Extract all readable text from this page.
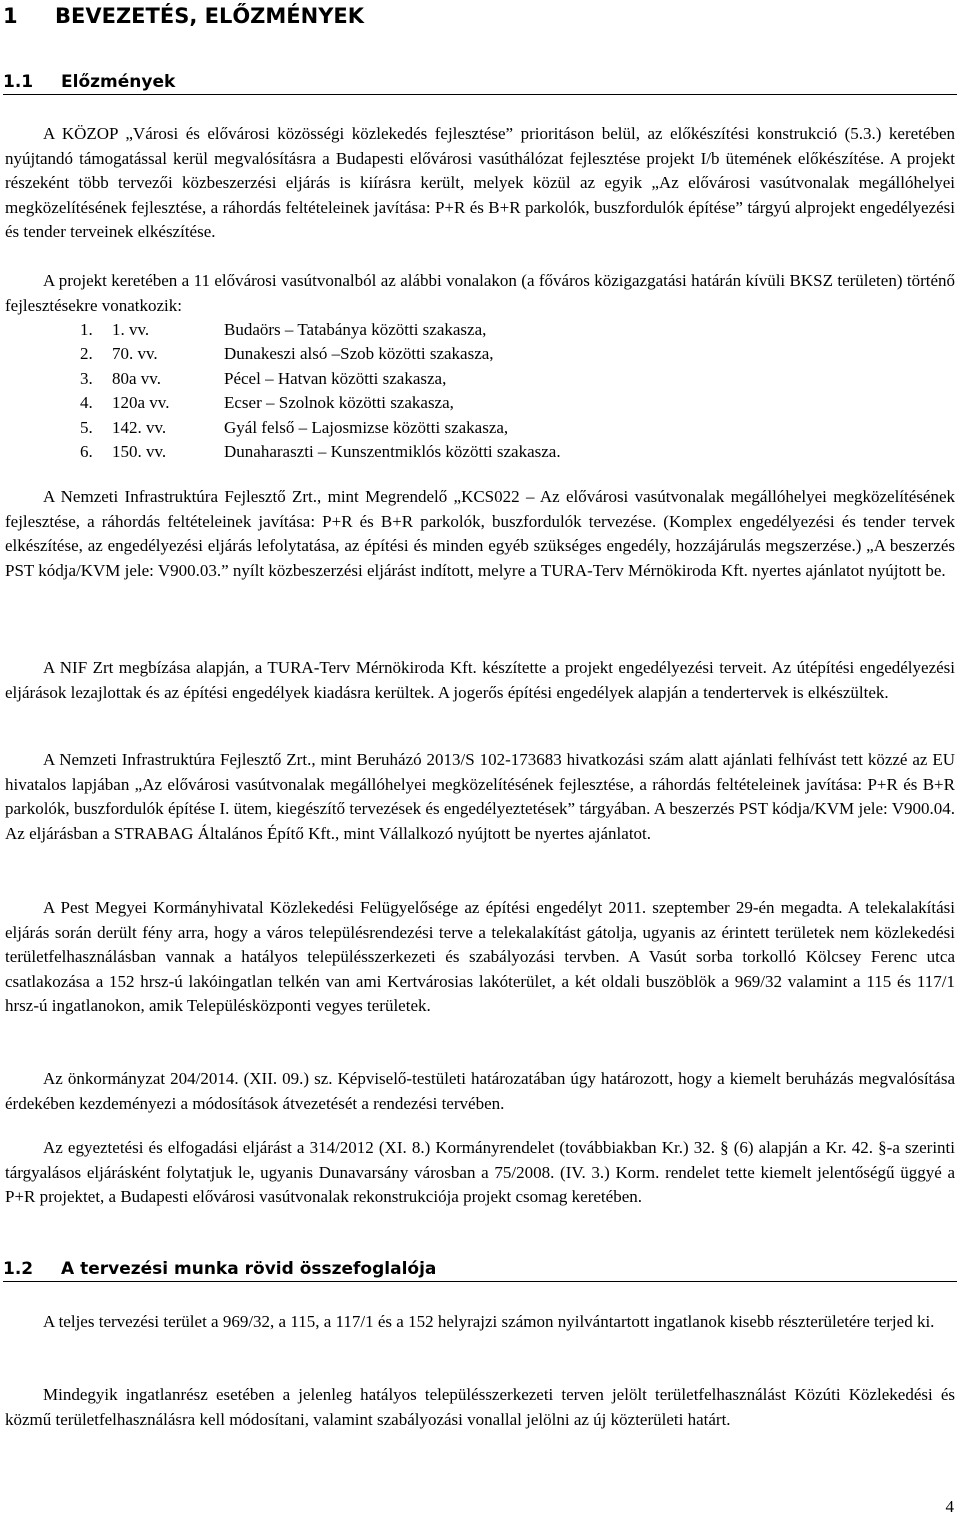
1 BEVEZETÉS, ELŐZMÉNYEK
1.1 Előzmények
A KÖZOP „Városi és elővárosi közösségi közlekedés fejlesztése” prioritáson belül, az előkészítési konstrukció (5.3.) keretében nyújtandó támogatással kerül megvalósításra a Budapesti elővárosi vasúthálózat fejlesztése projekt I/b ütemének előkészítése. A projekt részeként több tervezői közbeszerzési eljárás is kiírásra került, melyek közül az egyik „Az elővárosi vasútvonalak megállóhelyei megközelítésének fejlesztése, a ráhordás feltételeinek javítása: P+R és B+R parkolók, buszfordulók építése” tárgyú alprojekt engedélyezési és tender terveinek elkészítése.
A projekt keretében a 11 elővárosi vasútvonalból az alábbi vonalakon (a főváros közigazgatási határán kívüli BKSZ területen) történő fejlesztésekre vonatkozik:
1. 1. vv.	Budaörs – Tatabánya közötti szakasza,
2. 70. vv.	Dunakeszi alsó –Szob közötti szakasza,
3. 80a vv.	Pécel – Hatvan közötti szakasza,
4. 120a vv.	Ecser – Szolnok közötti szakasza,
5. 142. vv.	Gyál felső – Lajosmizse közötti szakasza,
6. 150. vv.	Dunaharaszti – Kunszentmiklós közötti szakasza.
A Nemzeti Infrastruktúra Fejlesztő Zrt., mint Megrendelő „KCS022 – Az elővárosi vasútvonalak megállóhelyei megközelítésének fejlesztése, a ráhordás feltételeinek javítása: P+R és B+R parkolók, buszfordulók tervezése. (Komplex engedélyezési és tender tervek elkészítése, az engedélyezési eljárás lefolytatása, az építési és minden egyéb szükséges engedély, hozzájárulás megszerzése.) „A beszerzés PST kódja/KVM jele: V900.03.” nyílt közbeszerzési eljárást indított, melyre a TURA-Terv Mérnökiroda Kft. nyertes ajánlatot nyújtott be.
A NIF Zrt megbízása alapján, a TURA-Terv Mérnökiroda Kft. készítette a projekt engedélyezési terveit. Az útépítési engedélyezési eljárások lezajlottak és az építési engedélyek kiadásra kerültek. A jogerős építési engedélyek alapján a tendertervek is elkészültek.
A Nemzeti Infrastruktúra Fejlesztő Zrt., mint Beruházó 2013/S 102-173683 hivatkozási szám alatt ajánlati felhívást tett közzé az EU hivatalos lapjában „Az elővárosi vasútvonalak megállóhelyei megközelítésének fejlesztése, a ráhordás feltételeinek javítása: P+R és B+R parkolók, buszfordulók építése I. ütem, kiegészítő tervezések és engedélyeztetések” tárgyában. A beszerzés PST kódja/KVM jele: V900.04. Az eljárásban a STRABAG Általános Építő Kft., mint Vállalkozó nyújtott be nyertes ajánlatot.
A Pest Megyei Kormányhivatal Közlekedési Felügyelősége az építési engedélyt 2011. szeptember 29-én megadta. A telekalakítási eljárás során derült fény arra, hogy a város településrendezési terve a telekalakítást gátolja, ugyanis az érintett területek nem közlekedési területfelhasználásban vannak a hatályos településszerkezeti és szabályozási tervben. A Vasút sorba torkolló Kölcsey Ferenc utca csatlakozása a 152 hrsz-ú lakóingatlan telkén van ami Kertvárosias lakóterület, a két oldali buszöblök a 969/32 valamint a 115 és 117/1 hrsz-ú ingatlanokon, amik Településközponti vegyes területek.
Az önkormányzat 204/2014. (XII. 09.) sz. Képviselő-testületi határozatában úgy határozott, hogy a kiemelt beruházás megvalósítása érdekében kezdeményezi a módosítások átvezetését a rendezési tervében.
Az egyeztetési és elfogadási eljárást a 314/2012 (XI. 8.) Kormányrendelet (továbbiakban Kr.) 32. § (6) alapján a Kr. 42. §-a szerinti tárgyalásos eljárásként folytatjuk le, ugyanis Dunavarsány városban a 75/2008. (IV. 3.) Korm. rendelet tette kiemelt jelentőségű üggyé a P+R projektet, a Budapesti elővárosi vasútvonalak rekonstrukciója projekt csomag keretében.
1.2 A tervezési munka rövid összefoglalója
A teljes tervezési terület a 969/32, a 115, a 117/1 és a 152 helyrajzi számon nyilvántartott ingatlanok kisebb részterületére terjed ki.
Mindegyik ingatlanrész esetében a jelenleg hatályos településszerkezeti terven jelölt területfelhasználást Közúti Közlekedési és közmű területfelhasználásra kell módosítani, valamint szabályozási vonallal jelölni az új közterületi határt.
4
